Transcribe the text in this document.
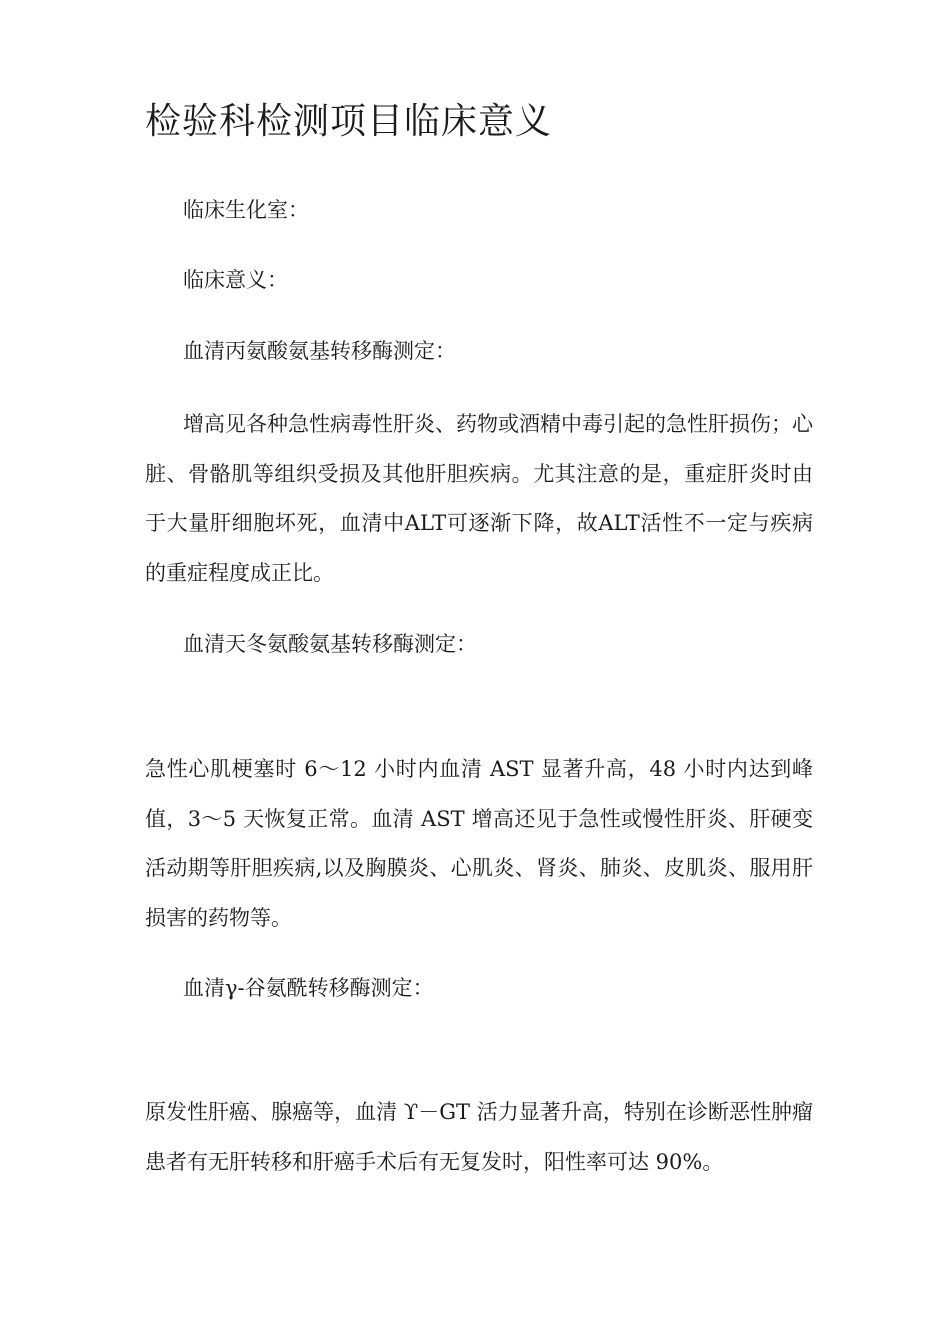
检验科检测项目临床意义

临床生化室：

临床意义：

血清丙氨酸氨基转移酶测定：

增高见各种急性病毒性肝炎、药物或酒精中毒引起的急性肝损伤；心脏、骨骼肌等组织受损及其他肝胆疾病。尤其注意的是，重症肝炎时由于大量肝细胞坏死，血清中ALT可逐渐下降，故ALT活性不一定与疾病的重症程度成正比。

血清天冬氨酸氨基转移酶测定：

急性心肌梗塞时 6～12 小时内血清 AST 显著升高，48 小时内达到峰值，3～5 天恢复正常。血清 AST 增高还见于急性或慢性肝炎、肝硬变活动期等肝胆疾病,以及胸膜炎、心肌炎、肾炎、肺炎、皮肌炎、服用肝损害的药物等。

血清γ-谷氨酰转移酶测定：

原发性肝癌、腺癌等，血清 ϒ－GT 活力显著升高，特别在诊断恶性肿瘤患者有无肝转移和肝癌手术后有无复发时，阳性率可达 90%。
